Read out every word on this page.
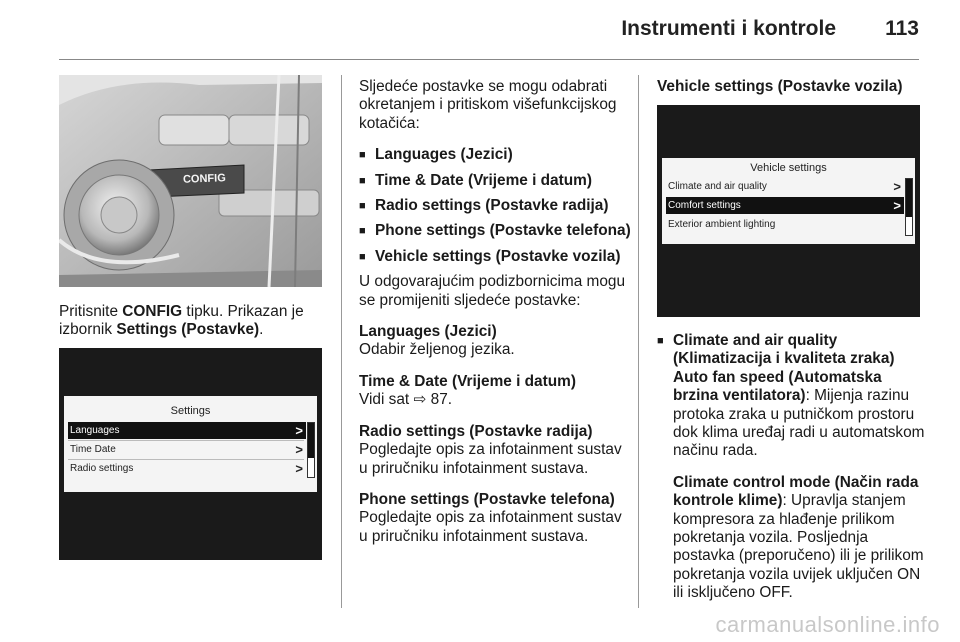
Instrumenti i kontrole 113
CONFIG
Pritisnite CONFIG tipku. Prikazan je izbornik Settings (Postavke).
Settings
Languages	>
Time Date	>
Radio settings	>

Sljedeće postavke se mogu odabrati okretanjem i pritiskom višefunkcijskog kotačića:

■ Languages (Jezici)
■ Time & Date (Vrijeme i datum)
■ Radio settings (Postavke radija)
■ Phone settings (Postavke telefona)
■ Vehicle settings (Postavke vozila)

U odgovarajućim podizbornicima mogu se promijeniti sljedeće postavke:

Languages (Jezici)
Odabir željenog jezika.

Time & Date (Vrijeme i datum)
Vidi sat ⇨ 87.

Radio settings (Postavke radija)
Pogledajte opis za infotainment sustav u priručniku infotainment sustava.

Phone settings (Postavke telefona)
Pogledajte opis za infotainment sustav u priručniku infotainment sustava.

Vehicle settings (Postavke vozila)
Vehicle settings
Climate and air quality	>
Comfort settings	>
Exterior ambient lighting
■ Climate and air quality (Klimatizacija i kvaliteta zraka)

Auto fan speed (Automatska brzina ventilatora): Mijenja razinu protoka zraka u putničkom prostoru dok klima uređaj radi u automatskom načinu rada.

Climate control mode (Način rada kontrole klime): Upravlja stanjem kompresora za hlađenje prilikom pokretanja vozila. Posljednja postavka (preporučeno) ili je prilikom pokretanja vozila uvijek uključen ON ili isključeno OFF.

carmanualsonline.info
